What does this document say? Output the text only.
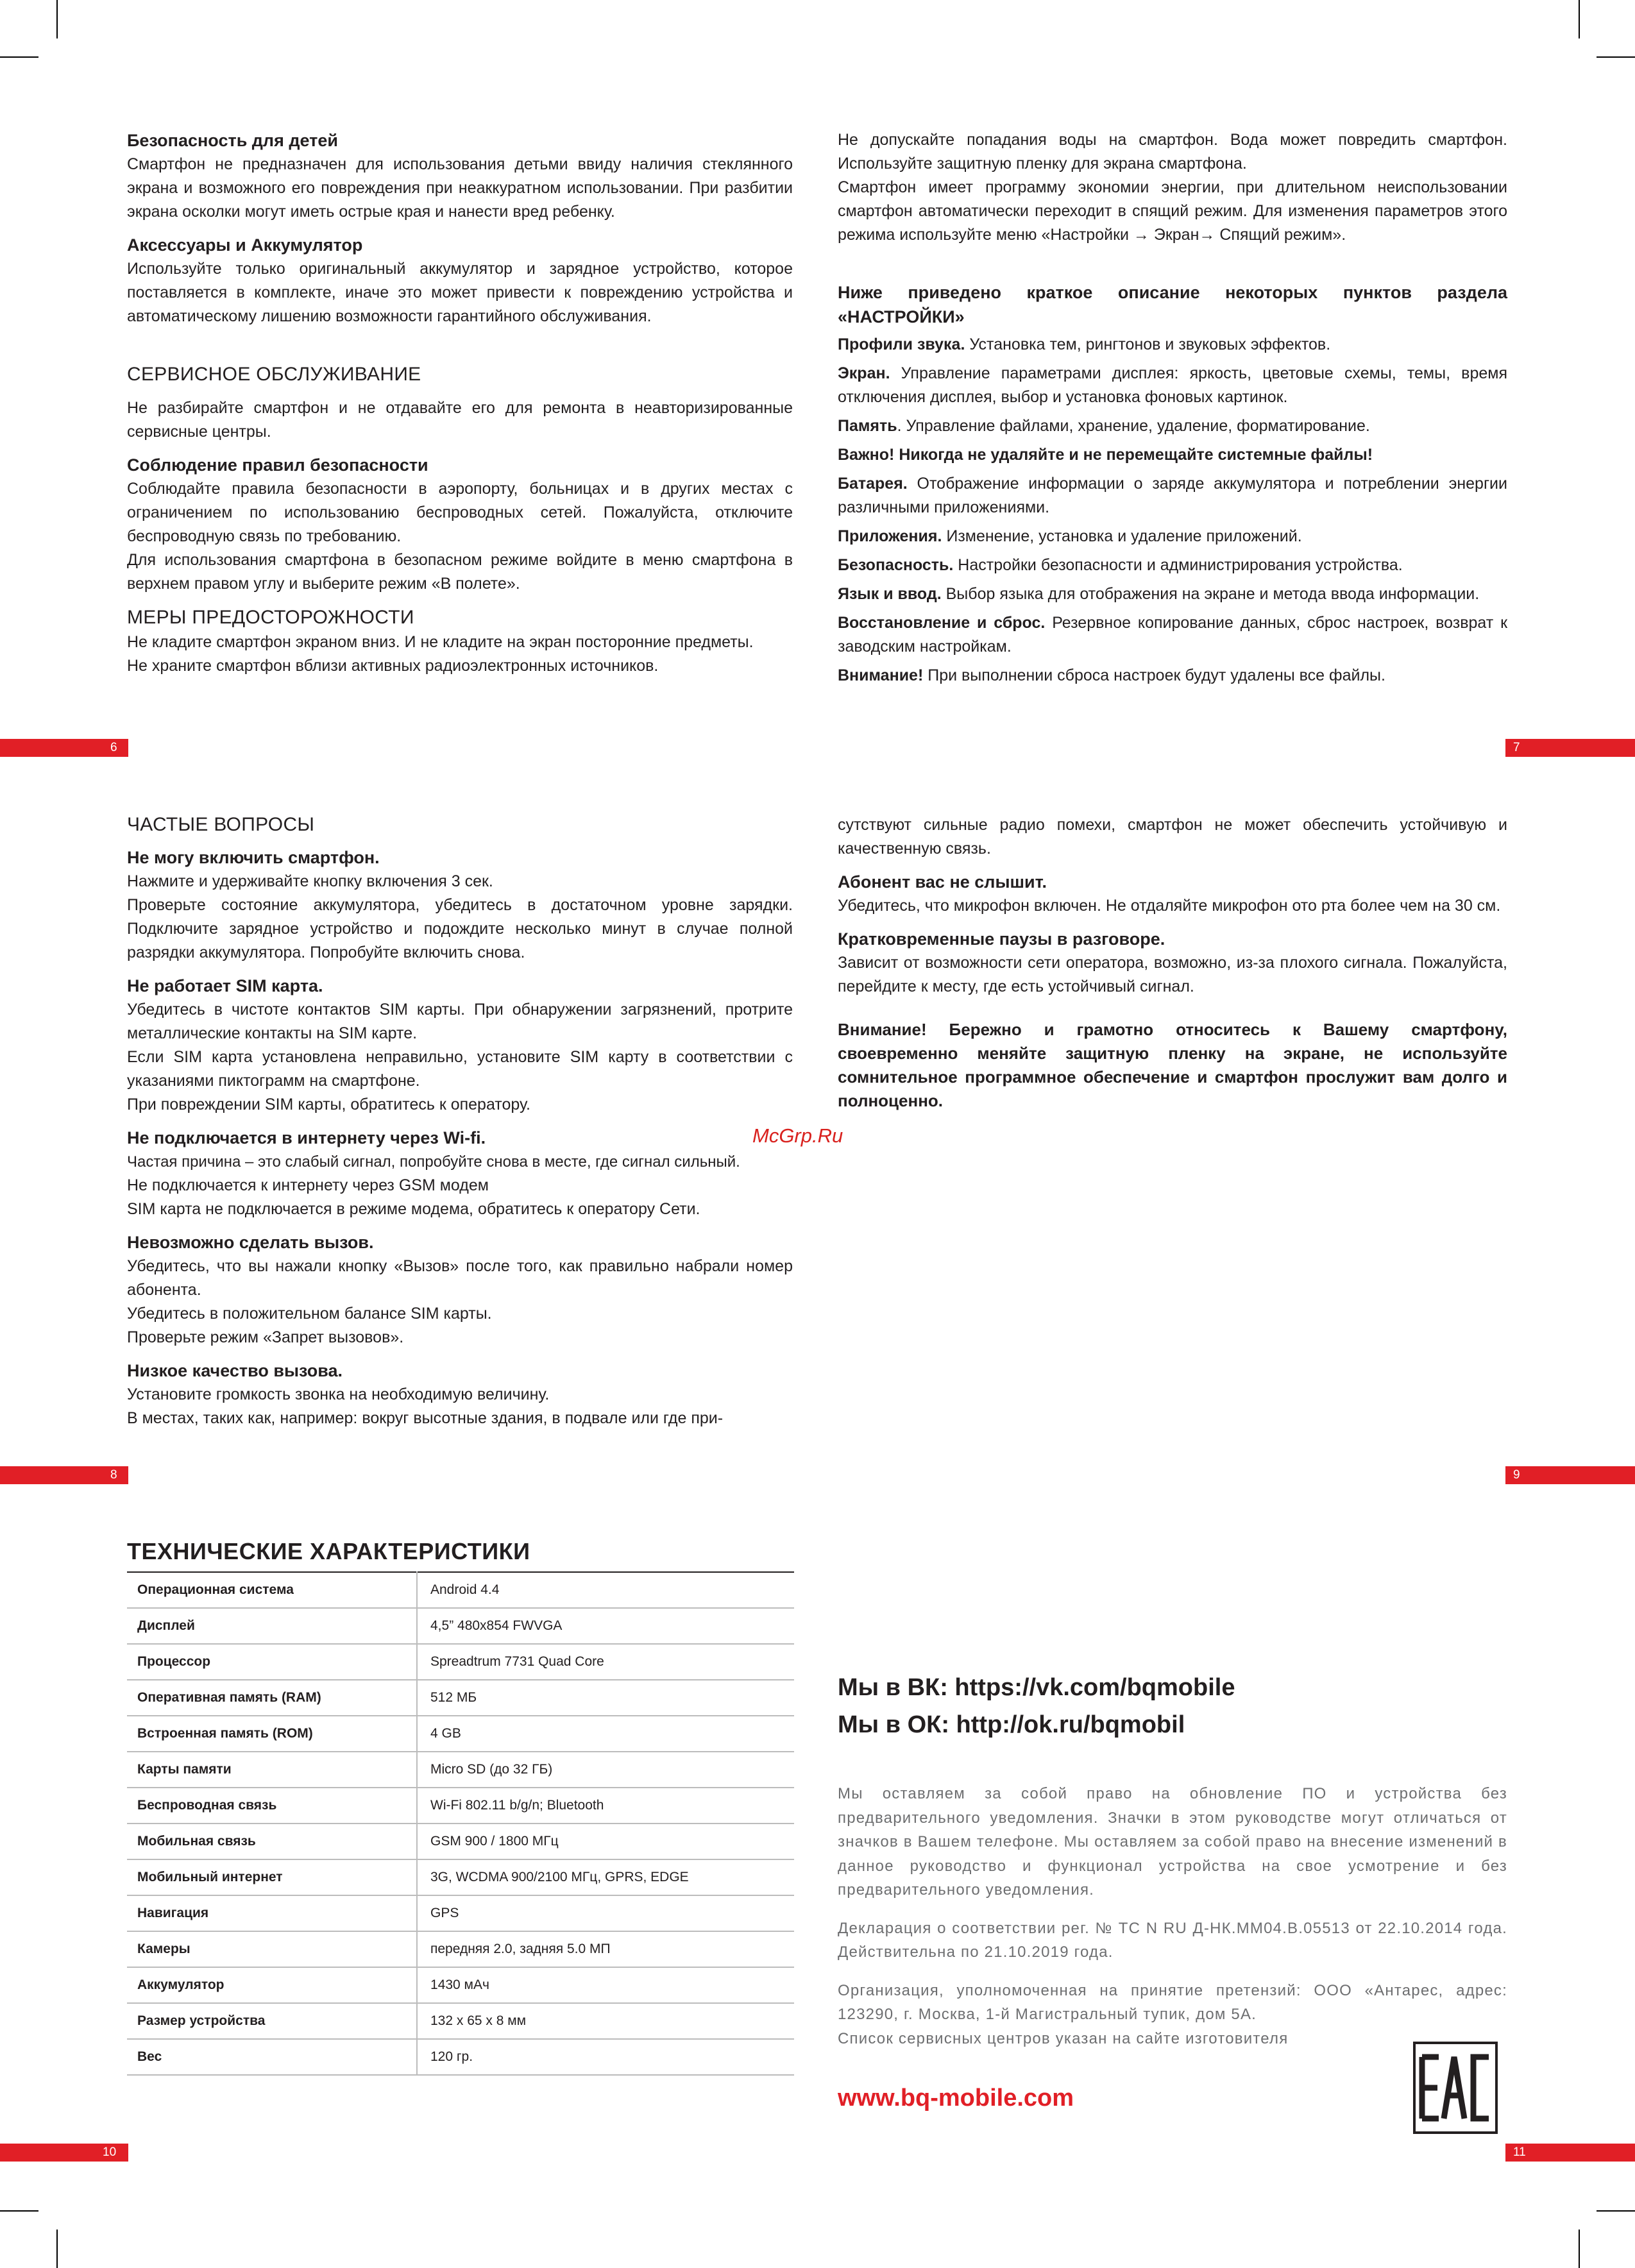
Безопасность для детей

Смартфон не предназначен для использования детьми ввиду наличия стеклянного экрана и возможного его повреждения при неаккуратном использовании. При разбитии экрана осколки могут иметь острые края и нанести вред ребенку.

Аксессуары и Аккумулятор

Используйте только оригинальный аккумулятор и зарядное устройство, которое поставляется в комплекте, иначе это может привести к повреждению устройства и автоматическому лишению возможности гарантийного обслуживания.

СЕРВИСНОЕ ОБСЛУЖИВАНИЕ

Не разбирайте смартфон и не отдавайте его для ремонта в неавторизированные сервисные центры.

Соблюдение правил безопасности

Соблюдайте правила безопасности в аэропорту, больницах и в других местах с ограничением по использованию беспроводных сетей. Пожалуйста, отключите беспроводную связь по требованию.

Для использования смартфона в безопасном режиме войдите в меню смартфона в верхнем правом углу и выберите режим «В полете».

МЕРЫ ПРЕДОСТОРОЖНОСТИ

Не кладите смартфон экраном вниз. И не кладите на экран посторонние предметы.

Не храните смартфон вблизи активных радиоэлектронных источников.

6

Не допускайте попадания воды на смартфон. Вода может повредить смартфон. Используйте защитную пленку для экрана смартфона.

Смартфон имеет программу экономии энергии, при длительном неиспользовании смартфон автоматически переходит в спящий режим. Для изменения параметров этого режима используйте меню «Настройки → Экран→ Спящий режим».

Ниже приведено краткое описание некоторых пунктов раздела «НАСТРОЙКИ»

Профили звука. Установка тем, рингтонов и звуковых эффектов.

Экран. Управление параметрами дисплея: яркость, цветовые схемы, темы, время отключения дисплея, выбор и установка фоновых картинок.

Память. Управление файлами, хранение, удаление, форматирование.

Важно! Никогда не удаляйте и не перемещайте системные файлы!

Батарея. Отображение информации о заряде аккумулятора и потреблении энергии различными приложениями.

Приложения. Изменение, установка и удаление приложений.

Безопасность. Настройки безопасности и администрирования устройства.

Язык и ввод. Выбор языка для отображения на экране и метода ввода информации.

Восстановление и сброс. Резервное копирование данных, сброс настроек, возврат к заводским настройкам.

Внимание! При выполнении сброса настроек будут удалены все файлы.

7

ЧАСТЫЕ ВОПРОСЫ

Не могу включить смартфон.

Нажмите и удерживайте кнопку включения 3 сек.

Проверьте состояние аккумулятора, убедитесь в достаточном уровне зарядки. Подключите зарядное устройство и подождите несколько минут в случае полной разрядки аккумулятора. Попробуйте включить снова.

Не работает SIM карта.

Убедитесь в чистоте контактов SIM карты. При обнаружении загрязнений, протрите металлические контакты на SIM карте.

Если SIM карта установлена неправильно, установите SIM карту в соответствии с указаниями пиктограмм на смартфоне.

При повреждении SIM карты, обратитесь к оператору.

Не подключается в интернету через Wi-fi.

Частая причина – это слабый сигнал, попробуйте снова в месте, где сигнал сильный.

Не подключается к интернету через GSM модем

SIM карта не подключается в режиме модема, обратитесь к оператору Сети.

Невозможно сделать вызов.

Убедитесь, что вы нажали кнопку «Вызов» после того, как правильно набрали номер абонента.

Убедитесь в положительном балансе SIM карты.

Проверьте режим «Запрет вызовов».

Низкое качество вызова.

Установите громкость звонка на необходимую величину.

В местах, таких как, например: вокруг высотные здания, в подвале или где при-

8

сутствуют сильные радио помехи, смартфон не может обеспечить устойчивую и качественную связь.

Абонент вас не слышит.

Убедитесь, что микрофон включен. Не отдаляйте микрофон ото рта более чем на 30 см.

Кратковременные паузы в разговоре.

Зависит от возможности сети оператора, возможно, из-за плохого сигнала. Пожалуйста, перейдите к месту, где есть устойчивый сигнал.

Внимание! Бережно и грамотно относитесь к Вашему смартфону, своевременно меняйте защитную пленку на экране, не используйте сомнительное программное обеспечение и смартфон прослужит вам долго и полноценно.

McGrp.Ru
9
ТЕХНИЧЕСКИЕ ХАРАКТЕРИСТИКИ
Операционная система	Android 4.4
Дисплей	4,5” 480x854 FWVGA
Процессор	Spreadtrum 7731 Quad Core
Оперативная память (RAM)	512 МБ
Встроенная память (ROM)	4 GB
Карты памяти	Micro SD (до 32 ГБ)
Беспроводная связь	Wi-Fi 802.11 b/g/n; Bluetooth
Мобильная связь	GSM 900 / 1800 МГц
Мобильный интернет	3G, WCDMA 900/2100 МГц, GPRS, EDGE
Навигация	GPS
Камеры	передняя 2.0, задняя 5.0 МП
Аккумулятор	1430 мАч
Размер устройства	132 x 65 x 8 мм
Вес	120 гр.
10
Мы в ВК: https://vk.com/bqmobile
Мы в ОК: http://ok.ru/bqmobil

Мы оставляем за собой право на обновление ПО и устройства без предварительного уведомления. Значки в этом руководстве могут отличаться от значков в Вашем телефоне. Мы оставляем за собой право на внесение изменений в данное руководство и функционал устройства на свое усмотрение и без предварительного уведомления.

Декларация о соответствии рег. № ТС N RU Д-НК.ММ04.В.05513 от 22.10.2014 года. Действительна по 21.10.2019 года.

Организация, уполномоченная на принятие претензий: ООО «Антарес, адрес: 123290, г. Москва, 1-й Магистральный тупик, дом 5А.

Список сервисных центров указан на сайте изготовителя

www.bq-mobile.com
11
